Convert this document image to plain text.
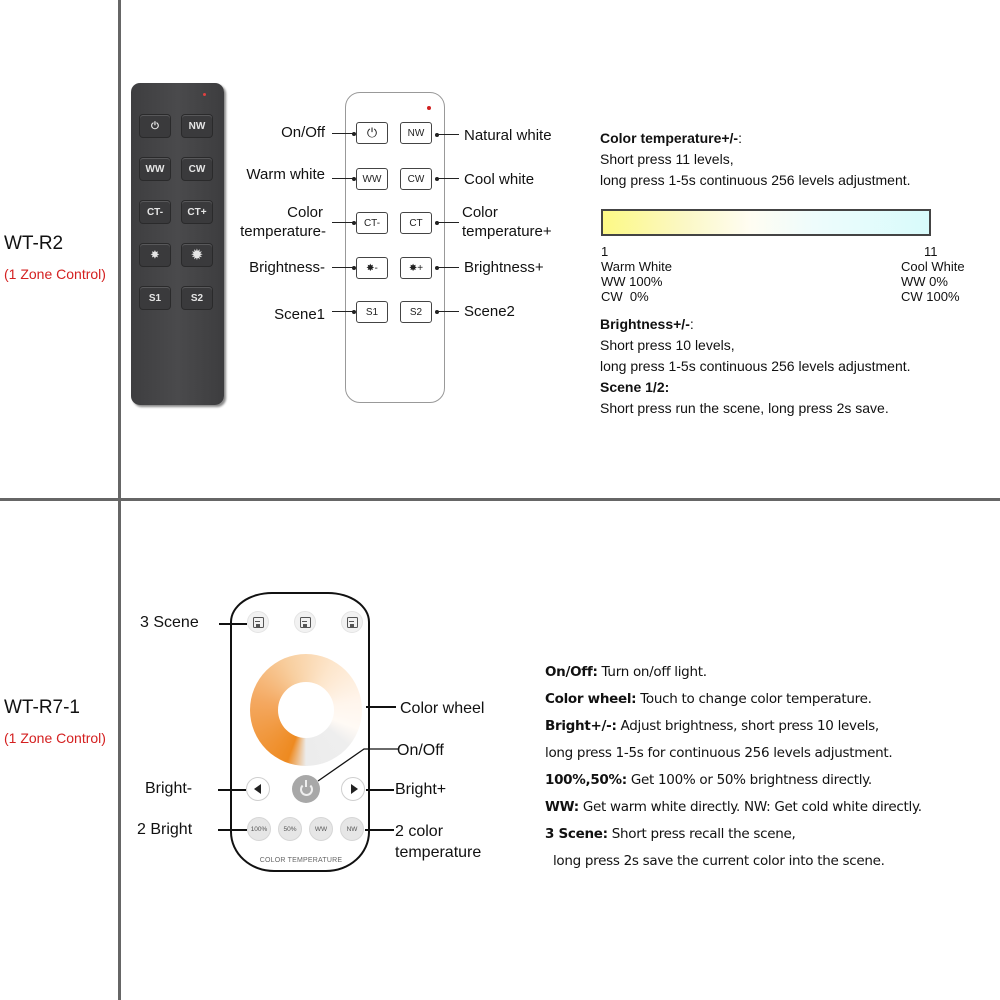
WT-R2
(1 Zone Control)
⏻	NW
WW	CW
CT-	CT+
✸ ✹
S1	S2
⏻	NW
WW	CW
CT-	CT
✸-	✸+
S1	S2
On/Off
Warm white
Color
temperature-
Brightness-
Scene1
Natural white
Cool white
Color
temperature+
Brightness+
Scene2
Color temperature+/-:
Short press 11 levels,
long press 1-5s continuous 256 levels adjustment.
1
Warm White
WW 100%
CW  0%
11
Cool White
WW 0%
CW 100%
Brightness+/-:
Short press 10 levels,
long press 1-5s continuous 256 levels adjustment.
Scene 1/2:
Short press run the scene, long press 2s save.
WT-R7-1
(1 Zone Control)
100%	50%	WW	NW
COLOR TEMPERATURE
3 Scene
Color wheel
On/Off
Bright-	Bright+
2 Bright	2 color
temperature
On/Off: Turn on/off light.
Color wheel: Touch to change color temperature.
Bright+/-: Adjust brightness, short press 10 levels,
long press 1-5s for continuous 256 levels adjustment.
100%,50%: Get 100% or 50% brightness directly.
WW: Get warm white directly. NW: Get cold white directly.
3 Scene: Short press recall the scene,
long press 2s save the current color into the scene.
